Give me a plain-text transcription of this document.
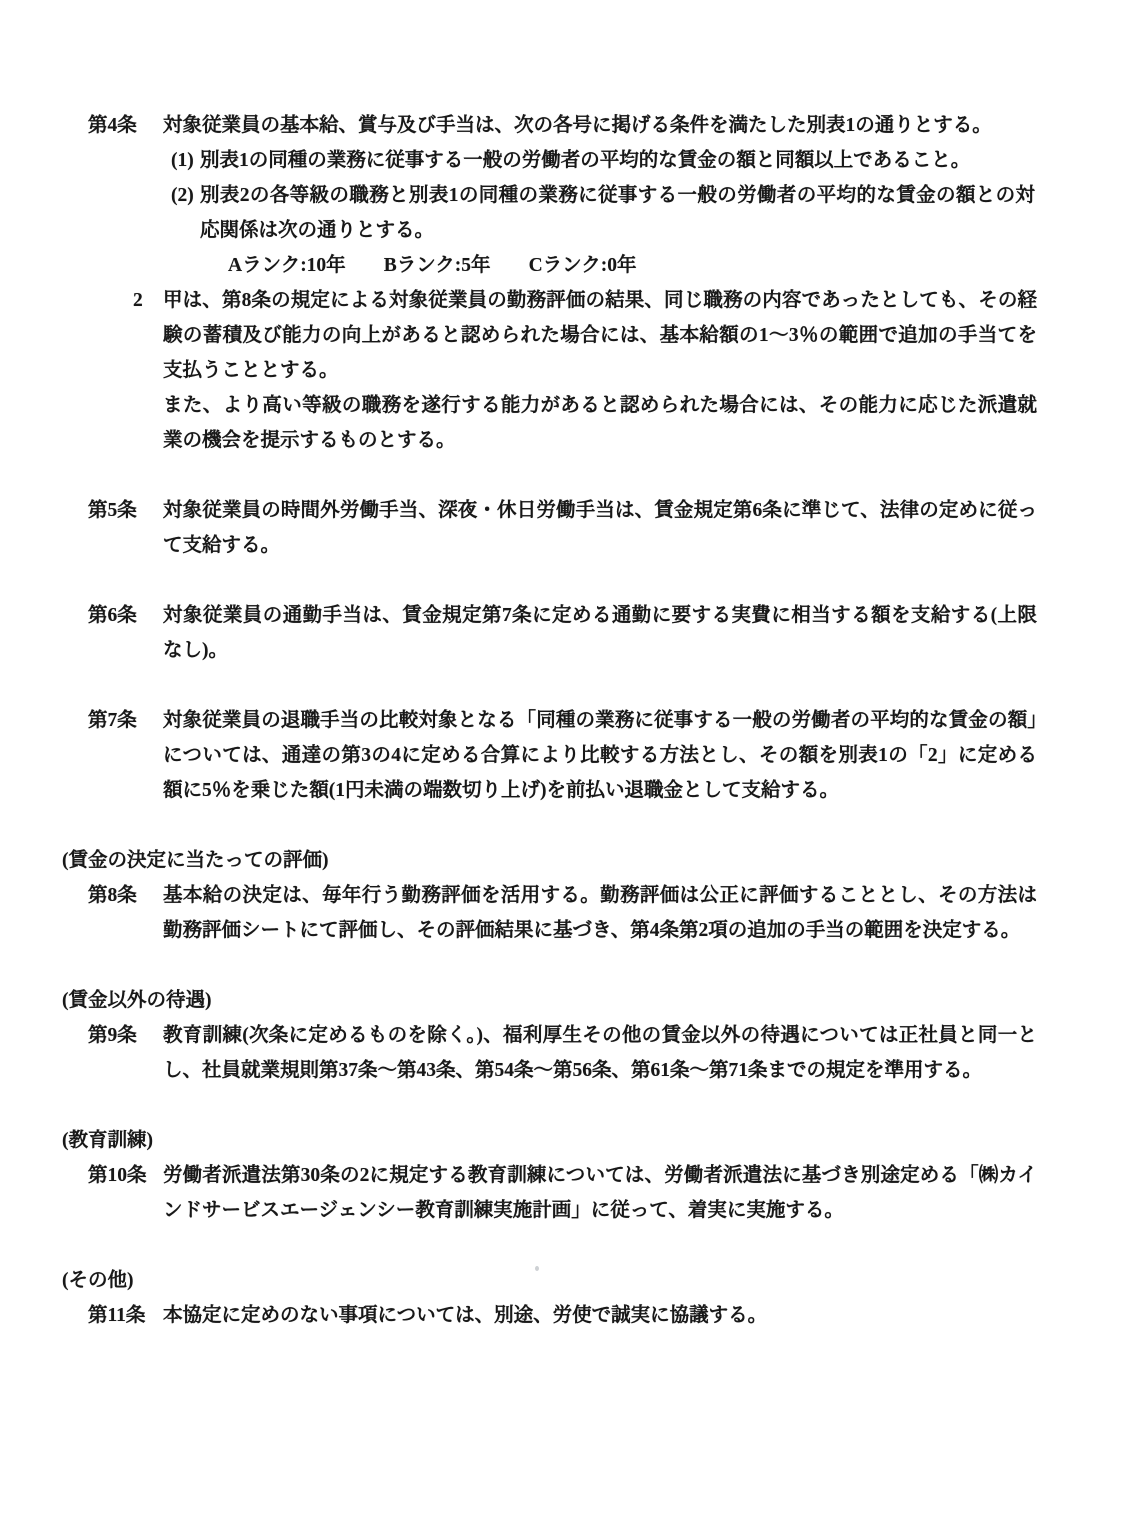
第4条	対象従業員の基本給、賞与及び手当は、次の各号に掲げる条件を満たした別表1の通りとする。
(1) 別表1の同種の業務に従事する一般の労働者の平均的な賃金の額と同額以上であること。
(2) 別表2の各等級の職務と別表1の同種の業務に従事する一般の労働者の平均的な賃金の額との対応関係は次の通りとする。
Aランク:10年 Bランク:5年 Cランク:0年
2	甲は、第8条の規定による対象従業員の勤務評価の結果、同じ職務の内容であったとしても、その経験の蓄積及び能力の向上があると認められた場合には、基本給額の1〜3％の範囲で追加の手当てを支払うこととする。
また、より高い等級の職務を遂行する能力があると認められた場合には、その能力に応じた派遣就業の機会を提示するものとする。
第5条	対象従業員の時間外労働手当、深夜・休日労働手当は、賃金規定第6条に準じて、法律の定めに従って支給する。
第6条	対象従業員の通勤手当は、賃金規定第7条に定める通勤に要する実費に相当する額を支給する(上限なし)。
第7条	対象従業員の退職手当の比較対象となる「同種の業務に従事する一般の労働者の平均的な賃金の額」については、通達の第3の4に定める合算により比較する方法とし、その額を別表1の「2」に定める額に5％を乗じた額(1円未満の端数切り上げ)を前払い退職金として支給する。
(賃金の決定に当たっての評価)
第8条	基本給の決定は、毎年行う勤務評価を活用する。勤務評価は公正に評価することとし、その方法は勤務評価シートにて評価し、その評価結果に基づき、第4条第2項の追加の手当の範囲を決定する。
(賃金以外の待遇)
第9条	教育訓練(次条に定めるものを除く。)、福利厚生その他の賃金以外の待遇については正社員と同一とし、社員就業規則第37条〜第43条、第54条〜第56条、第61条〜第71条までの規定を準用する。
(教育訓練)
第10条 労働者派遣法第30条の2に規定する教育訓練については、労働者派遣法に基づき別途定める「㈱カインドサービスエージェンシー教育訓練実施計画」に従って、着実に実施する。
(その他)
第11条 本協定に定めのない事項については、別途、労使で誠実に協議する。
